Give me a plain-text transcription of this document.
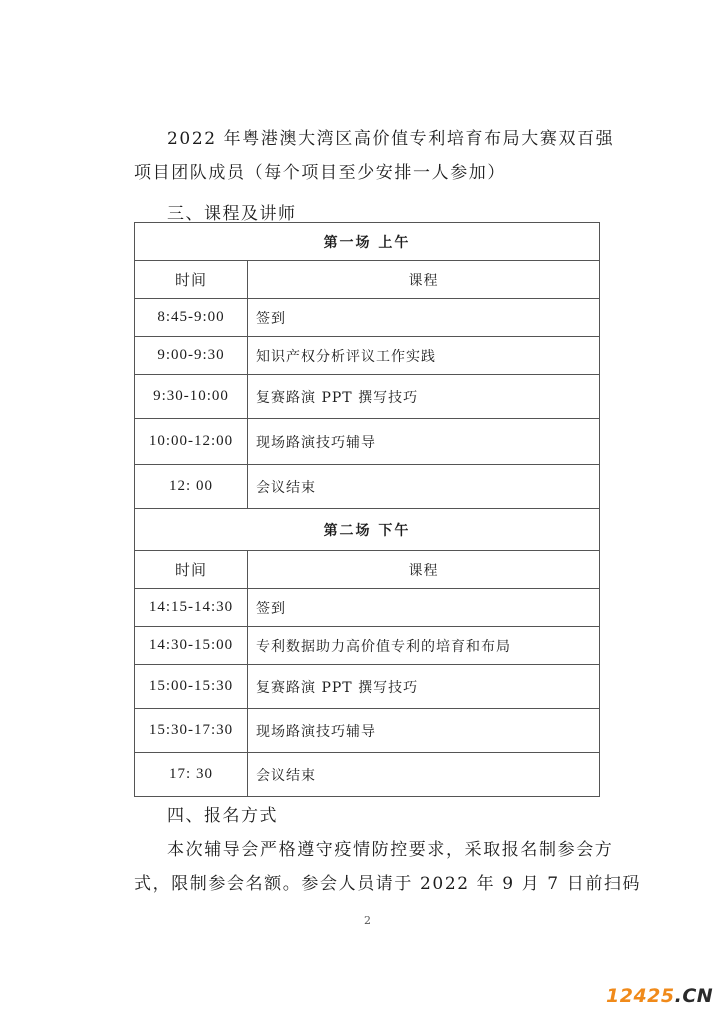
2022 年粤港澳大湾区高价值专利培育布局大赛双百强
项目团队成员（每个项目至少安排一人参加）
三、课程及讲师
第一场 上午	
时间	课程
8:45-9:00	签到
9:00-9:30	知识产权分析评议工作实践
9:30-10:00	复赛路演 PPT 撰写技巧
10:00-12:00	现场路演技巧辅导
12: 00	会议结束
第二场 下午	
时间	课程
14:15-14:30	签到
14:30-15:00	专利数据助力高价值专利的培育和布局
15:00-15:30	复赛路演 PPT 撰写技巧
15:30-17:30	现场路演技巧辅导
17: 30	会议结束
四、报名方式
本次辅导会严格遵守疫情防控要求，采取报名制参会方
式，限制参会名额。参会人员请于 2022 年 9 月 7 日前扫码
2
12425.CN
